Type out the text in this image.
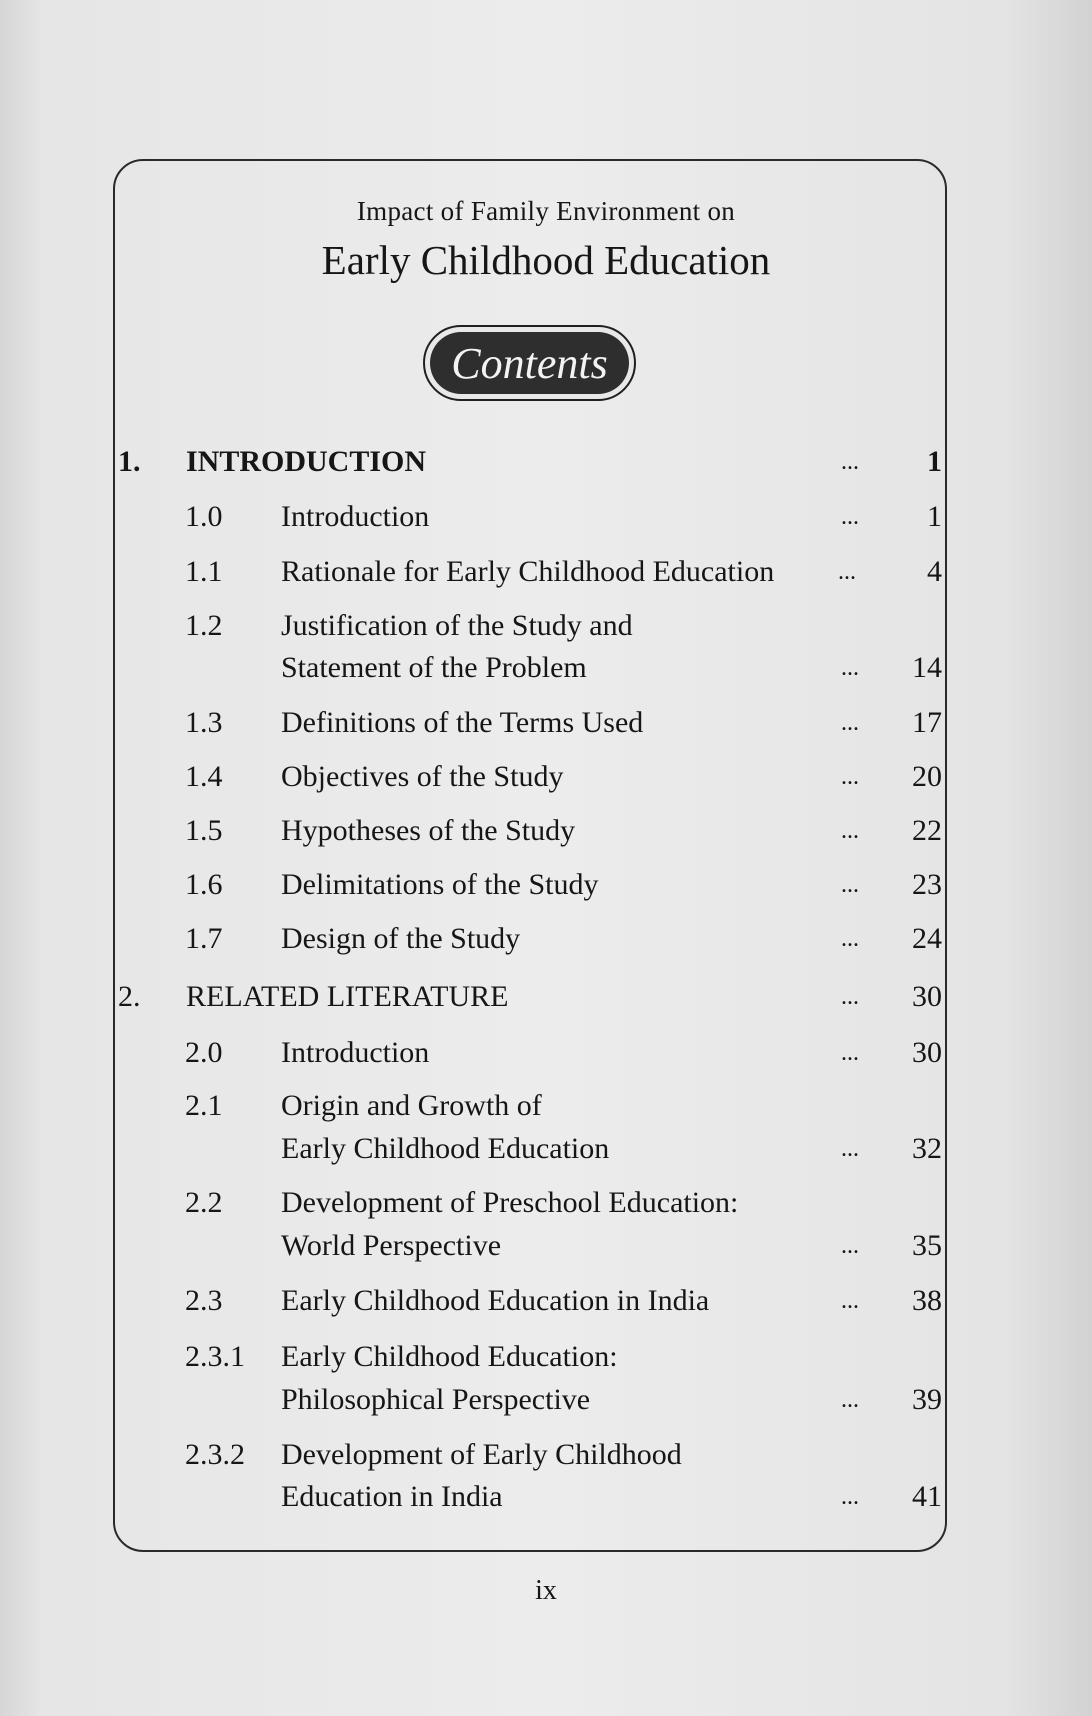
Impact of Family Environment on
Early Childhood Education
Contents
1. INTRODUCTION	... 1
1.0 Introduction	... 1
1.1 Rationale for Early Childhood Education	... 4
1.2 Justification of the Study and
Statement of the Problem	... 14
1.3 Definitions of the Terms Used	... 17
1.4 Objectives of the Study	... 20
1.5 Hypotheses of the Study	... 22
1.6 Delimitations of the Study	... 23
1.7 Design of the Study	... 24
2. RELATED LITERATURE	... 30
2.0 Introduction	... 30
2.1 Origin and Growth of
Early Childhood Education	... 32
2.2 Development of Preschool Education:
World Perspective	... 35
2.3 Early Childhood Education in India	... 38
2.3.1 Early Childhood Education:
Philosophical Perspective	... 39
2.3.2 Development of Early Childhood
Education in India	... 41
ix
